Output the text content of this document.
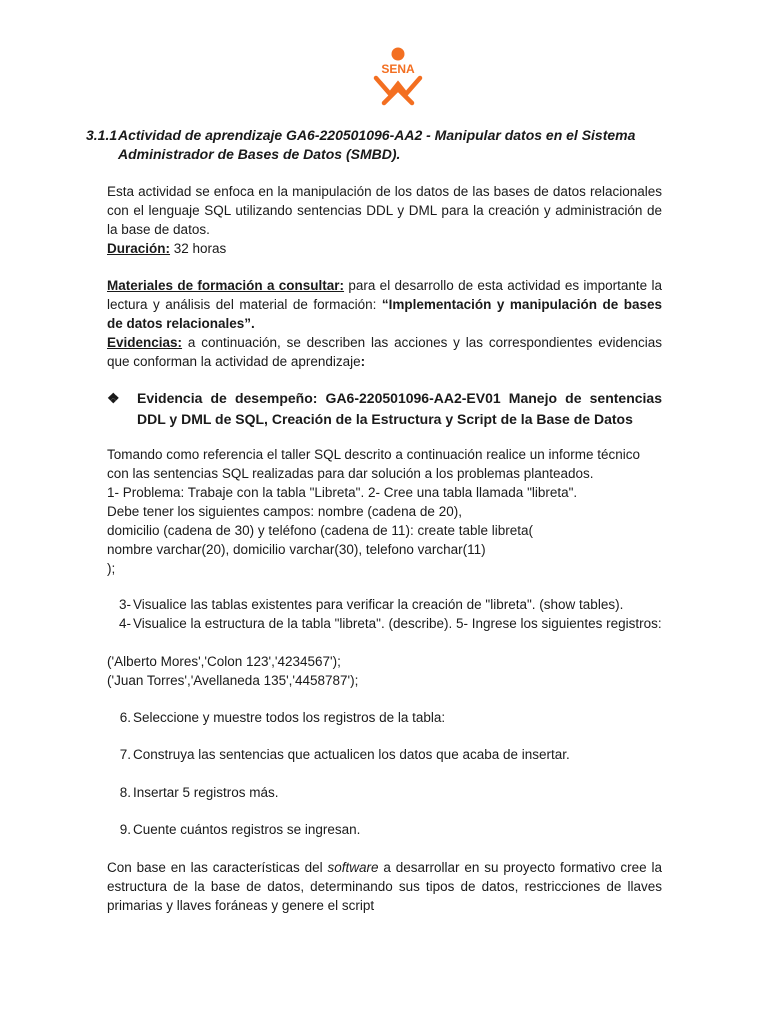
SENA
3.1.1Actividad de aprendizaje GA6-220501096-AA2 - Manipular datos en el Sistema
Administrador de Bases de Datos (SMBD).

Esta actividad se enfoca en la manipulación de los datos de las bases de datos relacionales con el lenguaje SQL utilizando sentencias DDL y DML para la creación y administración de la base de datos.
Duración: 32 horas

Materiales de formación a consultar: para el desarrollo de esta actividad es importante la lectura y análisis del material de formación: “Implementación y manipulación de bases de datos relacionales”.
Evidencias: a continuación, se describen las acciones y las correspondientes evidencias que conforman la actividad de aprendizaje:

❖	Evidencia de desempeño: GA6-220501096-AA2-EV01 Manejo de sentencias DDL y DML de SQL, Creación de la Estructura y Script de la Base de Datos
Tomando como referencia el taller SQL descrito a continuación realice un informe técnico
con las sentencias SQL realizadas para dar solución a los problemas planteados.
1- Problema: Trabaje con la tabla "Libreta". 2- Cree una tabla llamada "libreta".
Debe tener los siguientes campos: nombre (cadena de 20),
domicilio (cadena de 30) y teléfono (cadena de 11): create table libreta(
nombre varchar(20), domicilio varchar(30), telefono varchar(11)
);
3- Visualice las tablas existentes para verificar la creación de "libreta". (show tables).
4- Visualice la estructura de la tabla "libreta". (describe). 5- Ingrese los siguientes registros:
('Alberto Mores','Colon 123','4234567');
('Juan Torres','Avellaneda 135','4458787');
6. Seleccione y muestre todos los registros de la tabla:
7. Construya las sentencias que actualicen los datos que acaba de insertar.
8. Insertar 5 registros más.
9. Cuente cuántos registros se ingresan.

Con base en las características del software a desarrollar en su proyecto formativo cree la estructura de la base de datos, determinando sus tipos de datos, restricciones de llaves primarias y llaves foráneas y genere el script
